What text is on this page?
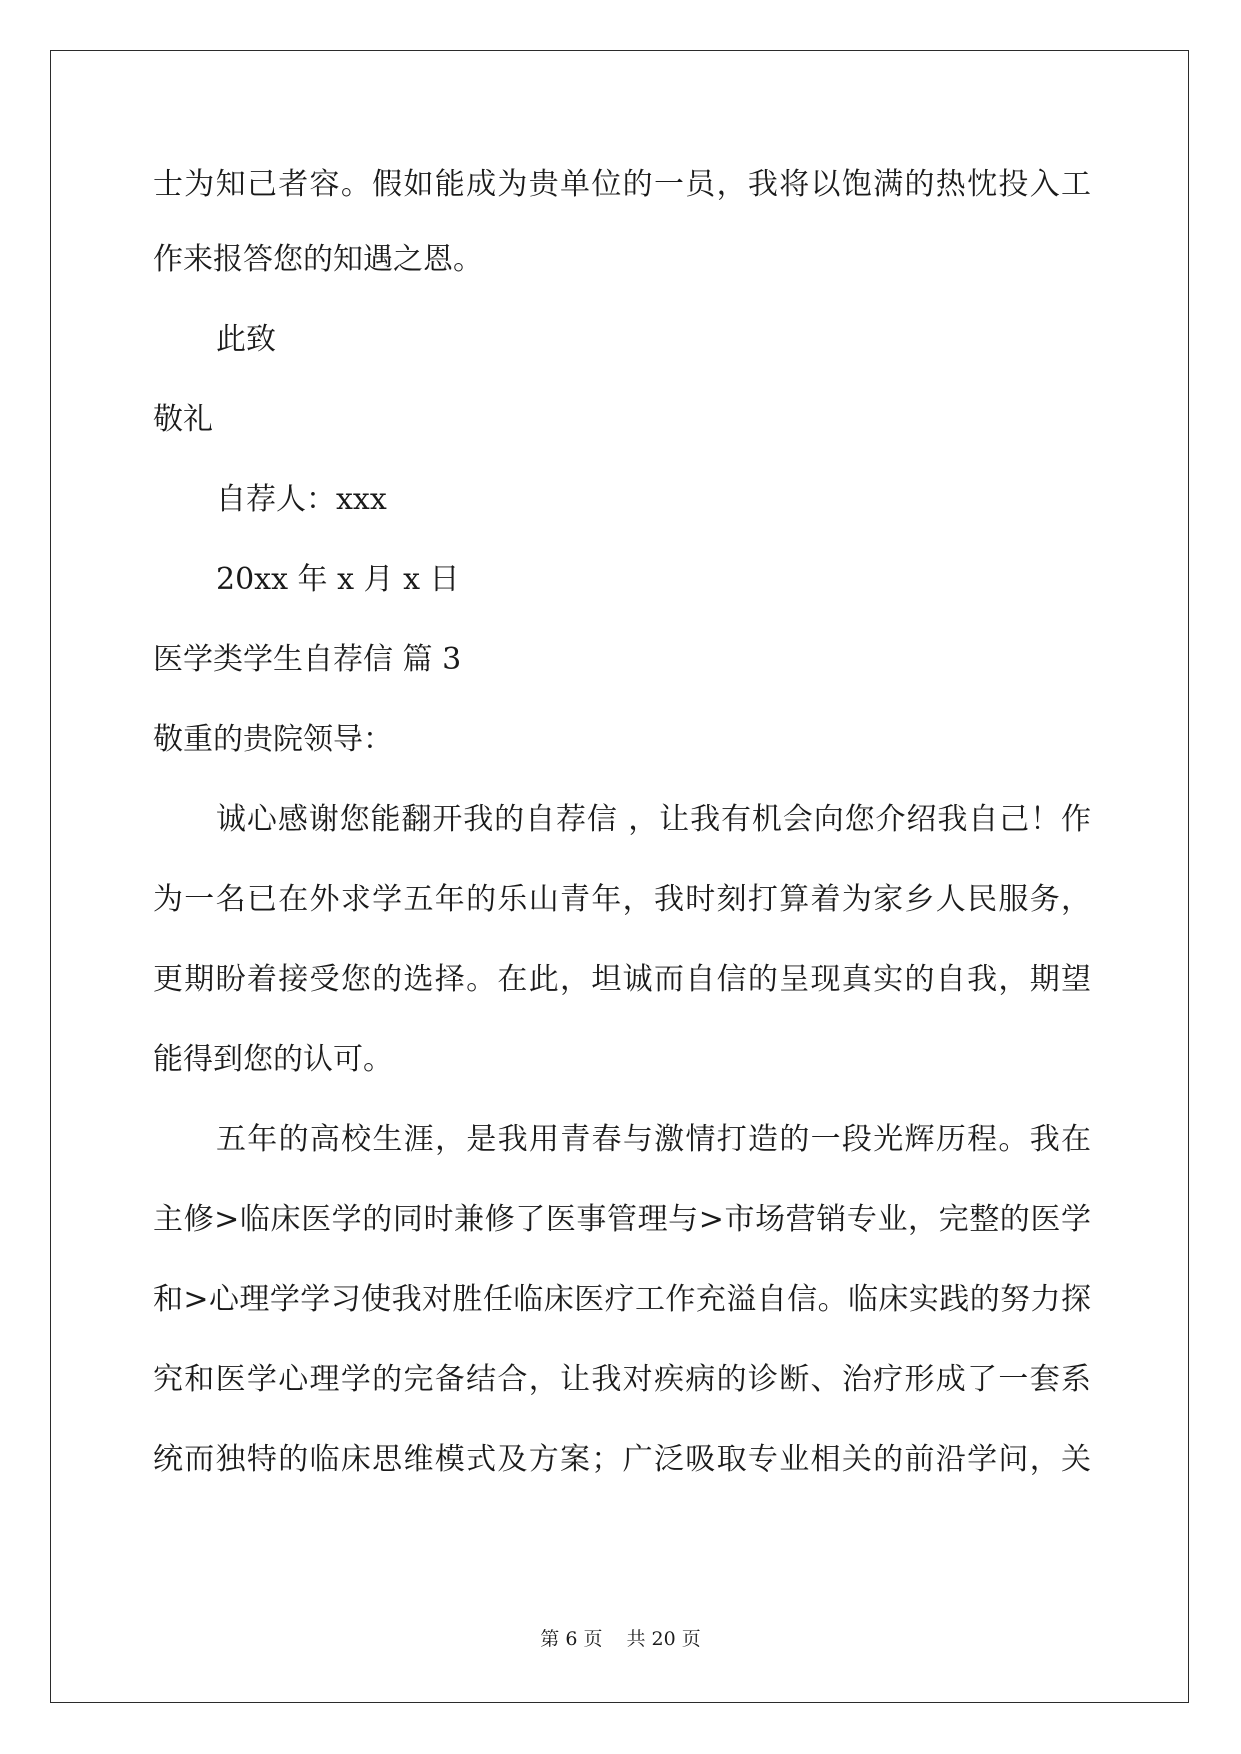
士为知己者容。假如能成为贵单位的一员，我将以饱满的热忱投入工
作来报答您的知遇之恩。
此致
敬礼
自荐人：xxx
20xx 年 x 月 x 日
医学类学生自荐信 篇 3
敬重的贵院领导：
诚心感谢您能翻开我的自荐信 ，让我有机会向您介绍我自己！作
为一名已在外求学五年的乐山青年，我时刻打算着为家乡人民服务，
更期盼着接受您的选择。在此，坦诚而自信的呈现真实的自我，期望
能得到您的认可。
五年的高校生涯，是我用青春与激情打造的一段光辉历程。我在
主修>临床医学的同时兼修了医事管理与>市场营销专业，完整的医学
和>心理学学习使我对胜任临床医疗工作充溢自信。临床实践的努力探
究和医学心理学的完备结合，让我对疾病的诊断、治疗形成了一套系
统而独特的临床思维模式及方案；广泛吸取专业相关的前沿学问，关
第 6 页 共 20 页
